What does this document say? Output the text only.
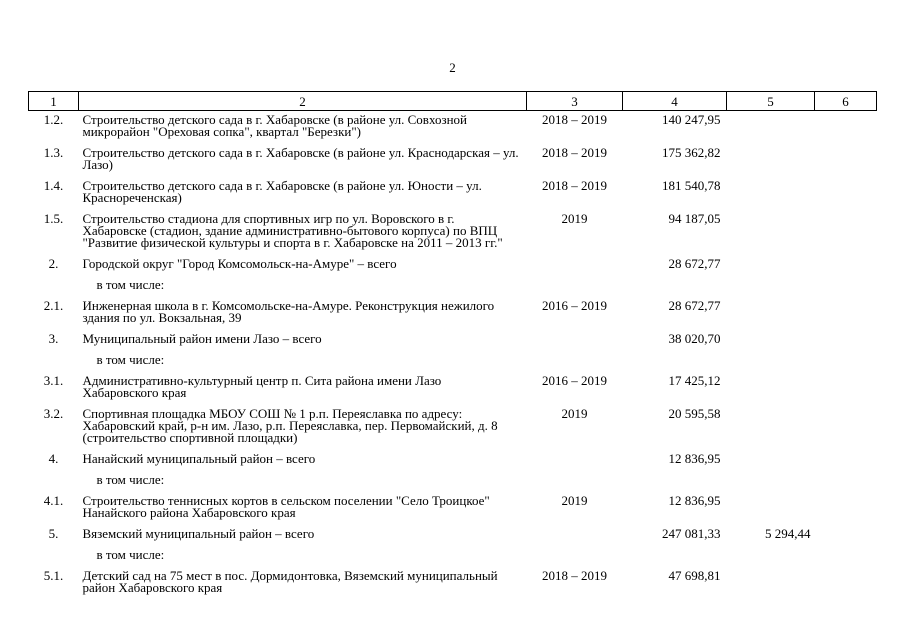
2
1	2	3	4	5	6
1.2.	Строительство детского сада в г. Хабаровске (в районе ул. Совхозной микрорайон "Ореховая сопка", квартал "Березки")	2018 – 2019	140 247,95		
1.3.	Строительство детского сада в г. Хабаровске (в районе ул. Краснодарская – ул. Лазо)	2018 – 2019	175 362,82		
1.4.	Строительство детского сада в г. Хабаровске (в районе ул. Юности – ул. Краснореченская)	2018 – 2019	181 540,78		
1.5.	Строительство стадиона для спортивных игр по ул. Воровского в г. Хабаровске (стадион, здание административно-бытового корпуса) по ВПЦ "Развитие физической культуры и спорта в г. Хабаровске на 2011 – 2013 гг."	2019	94 187,05		
2.	Городской округ "Город Комсомольск-на-Амуре" – всего		28 672,77		
	в том числе:				
2.1.	Инженерная школа в г. Комсомольске-на-Амуре. Реконструкция нежилого здания по ул. Вокзальная, 39	2016 – 2019	28 672,77		
3.	Муниципальный район имени Лазо – всего		38 020,70		
	в том числе:				
3.1.	Административно-культурный центр п. Сита района имени Лазо Хабаровского края	2016 – 2019	17 425,12		
3.2.	Спортивная площадка МБОУ СОШ № 1 р.п. Переяславка по адресу: Хабаровский край, р-н им. Лазо, р.п. Переяславка, пер. Первомайский, д. 8 (строительство спортивной площадки)	2019	20 595,58		
4.	Нанайский муниципальный район – всего		12 836,95		
	в том числе:				
4.1.	Строительство теннисных кортов в сельском поселении "Село Троицкое" Нанайского района Хабаровского края	2019	12 836,95		
5.	Вяземский муниципальный район – всего		247 081,33	5 294,44	
	в том числе:				
5.1.	Детский сад на 75 мест в пос. Дормидонтовка, Вяземский муниципальный район Хабаровского края	2018 – 2019	47 698,81		
